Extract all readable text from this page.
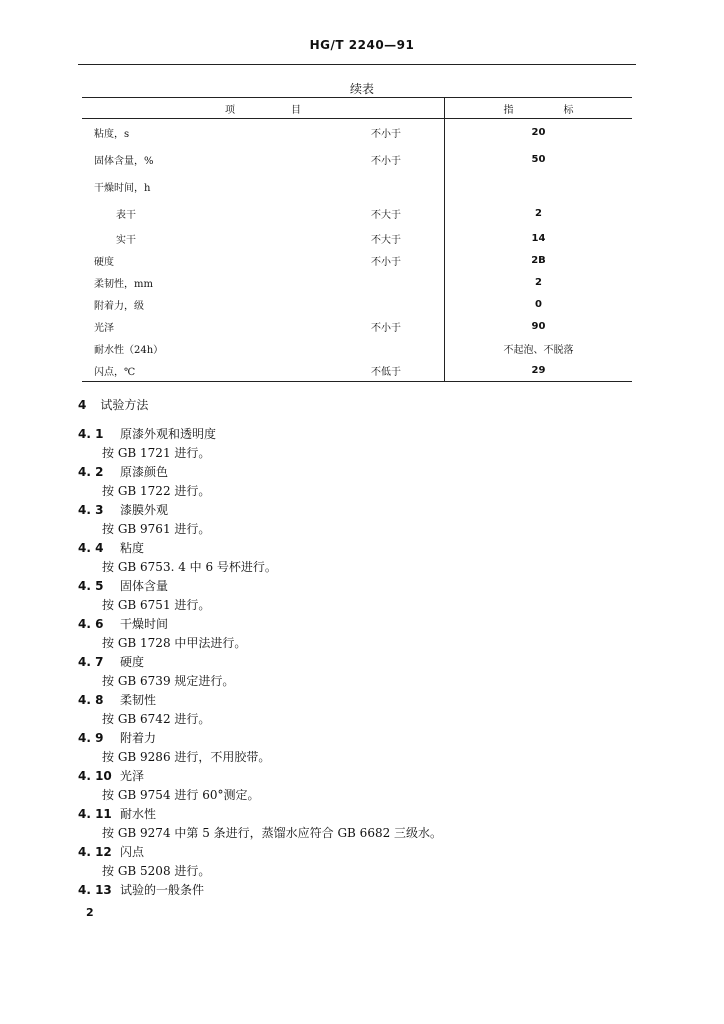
HG/T 2240—91
续表
项目		指标
粘度，s	不小于	20
固体含量，%	不小于	50
干燥时间，h		
表干	不大于	2
实干	不大于	14
硬度	不小于	2B
柔韧性，mm		2
附着力，级		0
光泽	不小于	90
耐水性（24h）		不起泡、不脱落
闪点，℃	不低于	29
4 试验方法
4. 1 原漆外观和透明度
按 GB 1721 进行。
4. 2 原漆颜色
按 GB 1722 进行。
4. 3 漆膜外观
按 GB 9761 进行。
4. 4 粘度
按 GB 6753. 4 中 6 号杯进行。
4. 5 固体含量
按 GB 6751 进行。
4. 6 干燥时间
按 GB 1728 中甲法进行。
4. 7 硬度
按 GB 6739 规定进行。
4. 8 柔韧性
按 GB 6742 进行。
4. 9 附着力
按 GB 9286 进行，不用胶带。
4. 10 光泽
按 GB 9754 进行 60°测定。
4. 11 耐水性
按 GB 9274 中第 5 条进行，蒸馏水应符合 GB 6682 三级水。
4. 12 闪点
按 GB 5208 进行。
4. 13 试验的一般条件
2
